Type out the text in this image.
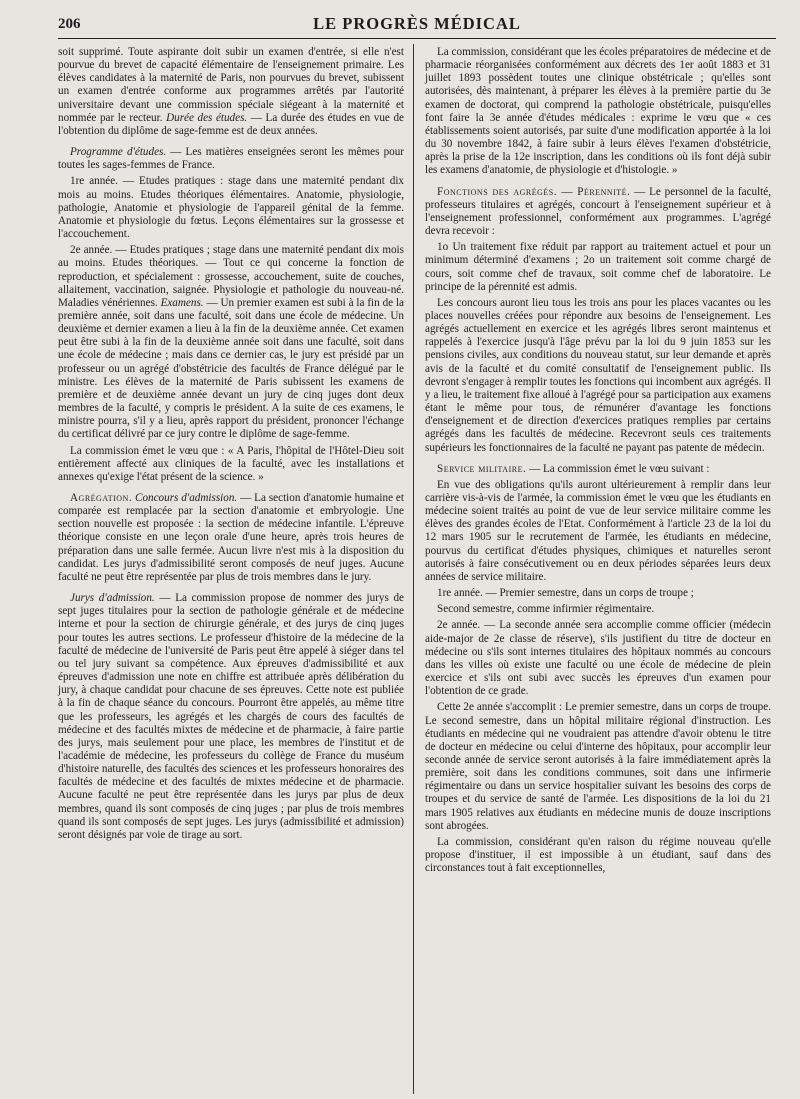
206	LE PROGRÈS MÉDICAL

soit supprimé. Toute aspirante doit subir un examen d'entrée, si elle n'est pourvue du brevet de capacité élémentaire de l'enseignement primaire. Les élèves candidates à la maternité de Paris, non pourvues du brevet, subissent un examen d'entrée conforme aux programmes arrêtés par l'autorité universitaire devant une commission spéciale siégeant à la maternité et nommée par le recteur. Durée des études. — La durée des études en vue de l'obtention du diplôme de sage-femme est de deux années.

Programme d'études. — Les matières enseignées seront les mêmes pour toutes les sages-femmes de France.

1re année. — Etudes pratiques : stage dans une maternité pendant dix mois au moins. Etudes théoriques élémentaires. Anatomie, physiologie, pathologie, Anatomie et physiologie de l'appareil génital de la femme. Anatomie et physiologie du fœtus. Leçons élémentaires sur la grossesse et l'accouchement.

2e année. — Etudes pratiques ; stage dans une maternité pendant dix mois au moins. Etudes théoriques. — Tout ce qui concerne la fonction de reproduction, et spécialement : grossesse, accouchement, suite de couches, allaitement, vaccination, saignée. Physiologie et pathologie du nouveau-né. Maladies vénériennes. Examens. — Un premier examen est subi à la fin de la première année, soit dans une faculté, soit dans une école de médecine. Un deuxième et dernier examen a lieu à la fin de la deuxième année. Cet examen peut être subi à la fin de la deuxième année soit dans une faculté, soit dans une école de médecine ; mais dans ce dernier cas, le jury est présidé par un professeur ou un agrégé d'obstétricie des facultés de France délégué par le ministre. Les élèves de la maternité de Paris subissent les examens de première et de deuxième année devant un jury de cinq juges dont deux membres de la faculté, y compris le président. A la suite de ces examens, le ministre pourra, s'il y a lieu, après rapport du président, prononcer l'échange du certificat délivré par ce jury contre le diplôme de sage-femme.

La commission émet le vœu que : « A Paris, l'hôpital de l'Hôtel-Dieu soit entièrement affecté aux cliniques de la faculté, avec les installations et annexes qu'exige l'état présent de la science. »

Agrégation. Concours d'admission. — La section d'anatomie humaine et comparée est remplacée par la section d'anatomie et embryologie. Une section nouvelle est proposée : la section de médecine infantile. L'épreuve théorique consiste en une leçon orale d'une heure, après trois heures de préparation dans une salle fermée. Aucun livre n'est mis à la disposition du candidat. Les jurys d'admissibilité seront composés de neuf juges. Aucune faculté ne peut être représentée par plus de trois membres dans le jury.

Jurys d'admission. — La commission propose de nommer des jurys de sept juges titulaires pour la section de pathologie générale et de médecine interne et pour la section de chirurgie générale, et des jurys de cinq juges pour toutes les autres sections. Le professeur d'histoire de la médecine de la faculté de médecine de l'université de Paris peut être appelé à siéger dans tel ou tel jury suivant sa compétence. Aux épreuves d'admissibilité et aux épreuves d'admission une note en chiffre est attribuée après délibération du jury, à chaque candidat pour chacune de ses épreuves. Cette note est publiée à la fin de chaque séance du concours. Pourront être appelés, au même titre que les professeurs, les agrégés et les chargés de cours des facultés de médecine et des facultés mixtes de médecine et de pharmacie, à faire partie des jurys, mais seulement pour une place, les membres de l'institut et de l'académie de médecine, les professeurs du collège de France du muséum d'histoire naturelle, des facultés des sciences et les professeurs honoraires des facultés de médecine et des facultés de mixtes médecine et de pharmacie. Aucune faculté ne peut être représentée dans les jurys par plus de deux membres, quand ils sont composés de cinq juges ; par plus de trois membres quand ils sont composés de sept juges. Les jurys (admissibilité et admission) seront désignés par voie de tirage au sort.

La commission, considérant que les écoles préparatoires de médecine et de pharmacie réorganisées conformément aux décrets des 1er août 1883 et 31 juillet 1893 possèdent toutes une clinique obstétricale ; qu'elles sont autorisées, dès maintenant, à préparer les élèves à la première partie du 3e examen de doctorat, qui comprend la pathologie obstétricale, puisqu'elles font faire la 3e année d'études médicales : exprime le vœu que « ces établissements soient autorisés, par suite d'une modification apportée à la loi du 30 novembre 1842, à faire subir à leurs élèves l'examen d'obstétricie, après la prise de la 12e inscription, dans les conditions où ils font déjà subir les examens d'anatomie, de physiologie et d'histologie. »

Fonctions des agrégés. — Pérennité. — Le personnel de la faculté, professeurs titulaires et agrégés, concourt à l'enseignement supérieur et à l'enseignement professionnel, conformément aux programmes. L'agrégé devra recevoir :

1o Un traitement fixe réduit par rapport au traitement actuel et pour un minimum déterminé d'examens ; 2o un traitement soit comme chargé de cours, soit comme chef de travaux, soit comme chef de laboratoire. Le principe de la pérennité est admis.

Les concours auront lieu tous les trois ans pour les places vacantes ou les places nouvelles créées pour répondre aux besoins de l'enseignement. Les agrégés actuellement en exercice et les agrégés libres seront maintenus et rappelés à l'exercice jusqu'à l'âge prévu par la loi du 9 juin 1853 sur les pensions civiles, aux conditions du nouveau statut, sur leur demande et après avis de la faculté et du comité consultatif de l'enseignement public. Ils devront s'engager à remplir toutes les fonctions qui incombent aux agrégés. Il y a lieu, le traitement fixe alloué à l'agrégé pour sa participation aux examens étant le même pour tous, de rémunérer d'avantage les fonctions d'enseignement et de direction d'exercices pratiques remplies par certains agrégés dans les facultés de médecine. Recevront seuls ces traitements supérieurs les fonctionnaires de la faculté ne payant pas patente de médecin.

Service militaire. — La commission émet le vœu suivant :

En vue des obligations qu'ils auront ultérieurement à remplir dans leur carrière vis-à-vis de l'armée, la commission émet le vœu que les étudiants en médecine soient traités au point de vue de leur service militaire comme les élèves des grandes écoles de l'Etat. Conformément à l'article 23 de la loi du 12 mars 1905 sur le recrutement de l'armée, les étudiants en médecine, pourvus du certificat d'études physiques, chimiques et naturelles seront autorisés à faire consécutivement ou en deux périodes séparées leurs deux années de service militaire.

1re année. — Premier semestre, dans un corps de troupe ;

Second semestre, comme infirmier régimentaire.

2e année. — La seconde année sera accomplie comme officier (médecin aide-major de 2e classe de réserve), s'ils justifient du titre de docteur en médecine ou s'ils sont internes titulaires des hôpitaux nommés au concours dans les villes où existe une faculté ou une école de médecine de plein exercice et s'ils ont subi avec succès les épreuves d'un examen pour l'obtention de ce grade.

Cette 2e année s'accomplit : Le premier semestre, dans un corps de troupe. Le second semestre, dans un hôpital militaire régional d'instruction. Les étudiants en médecine qui ne voudraient pas attendre d'avoir obtenu le titre de docteur en médecine ou celui d'interne des hôpitaux, pour accomplir leur seconde année de service seront autorisés à la faire immédiatement après la première, soit dans les conditions communes, soit dans une infirmerie régimentaire ou dans un service hospitalier suivant les besoins des corps de troupes et du service de santé de l'armée. Les dispositions de la loi du 21 mars 1905 relatives aux étudiants en médecine munis de douze inscriptions sont abrogées.

La commission, considérant qu'en raison du régime nouveau qu'elle propose d'instituer, il est impossible à un étudiant, sauf dans des circonstances tout à fait exceptionnelles,
